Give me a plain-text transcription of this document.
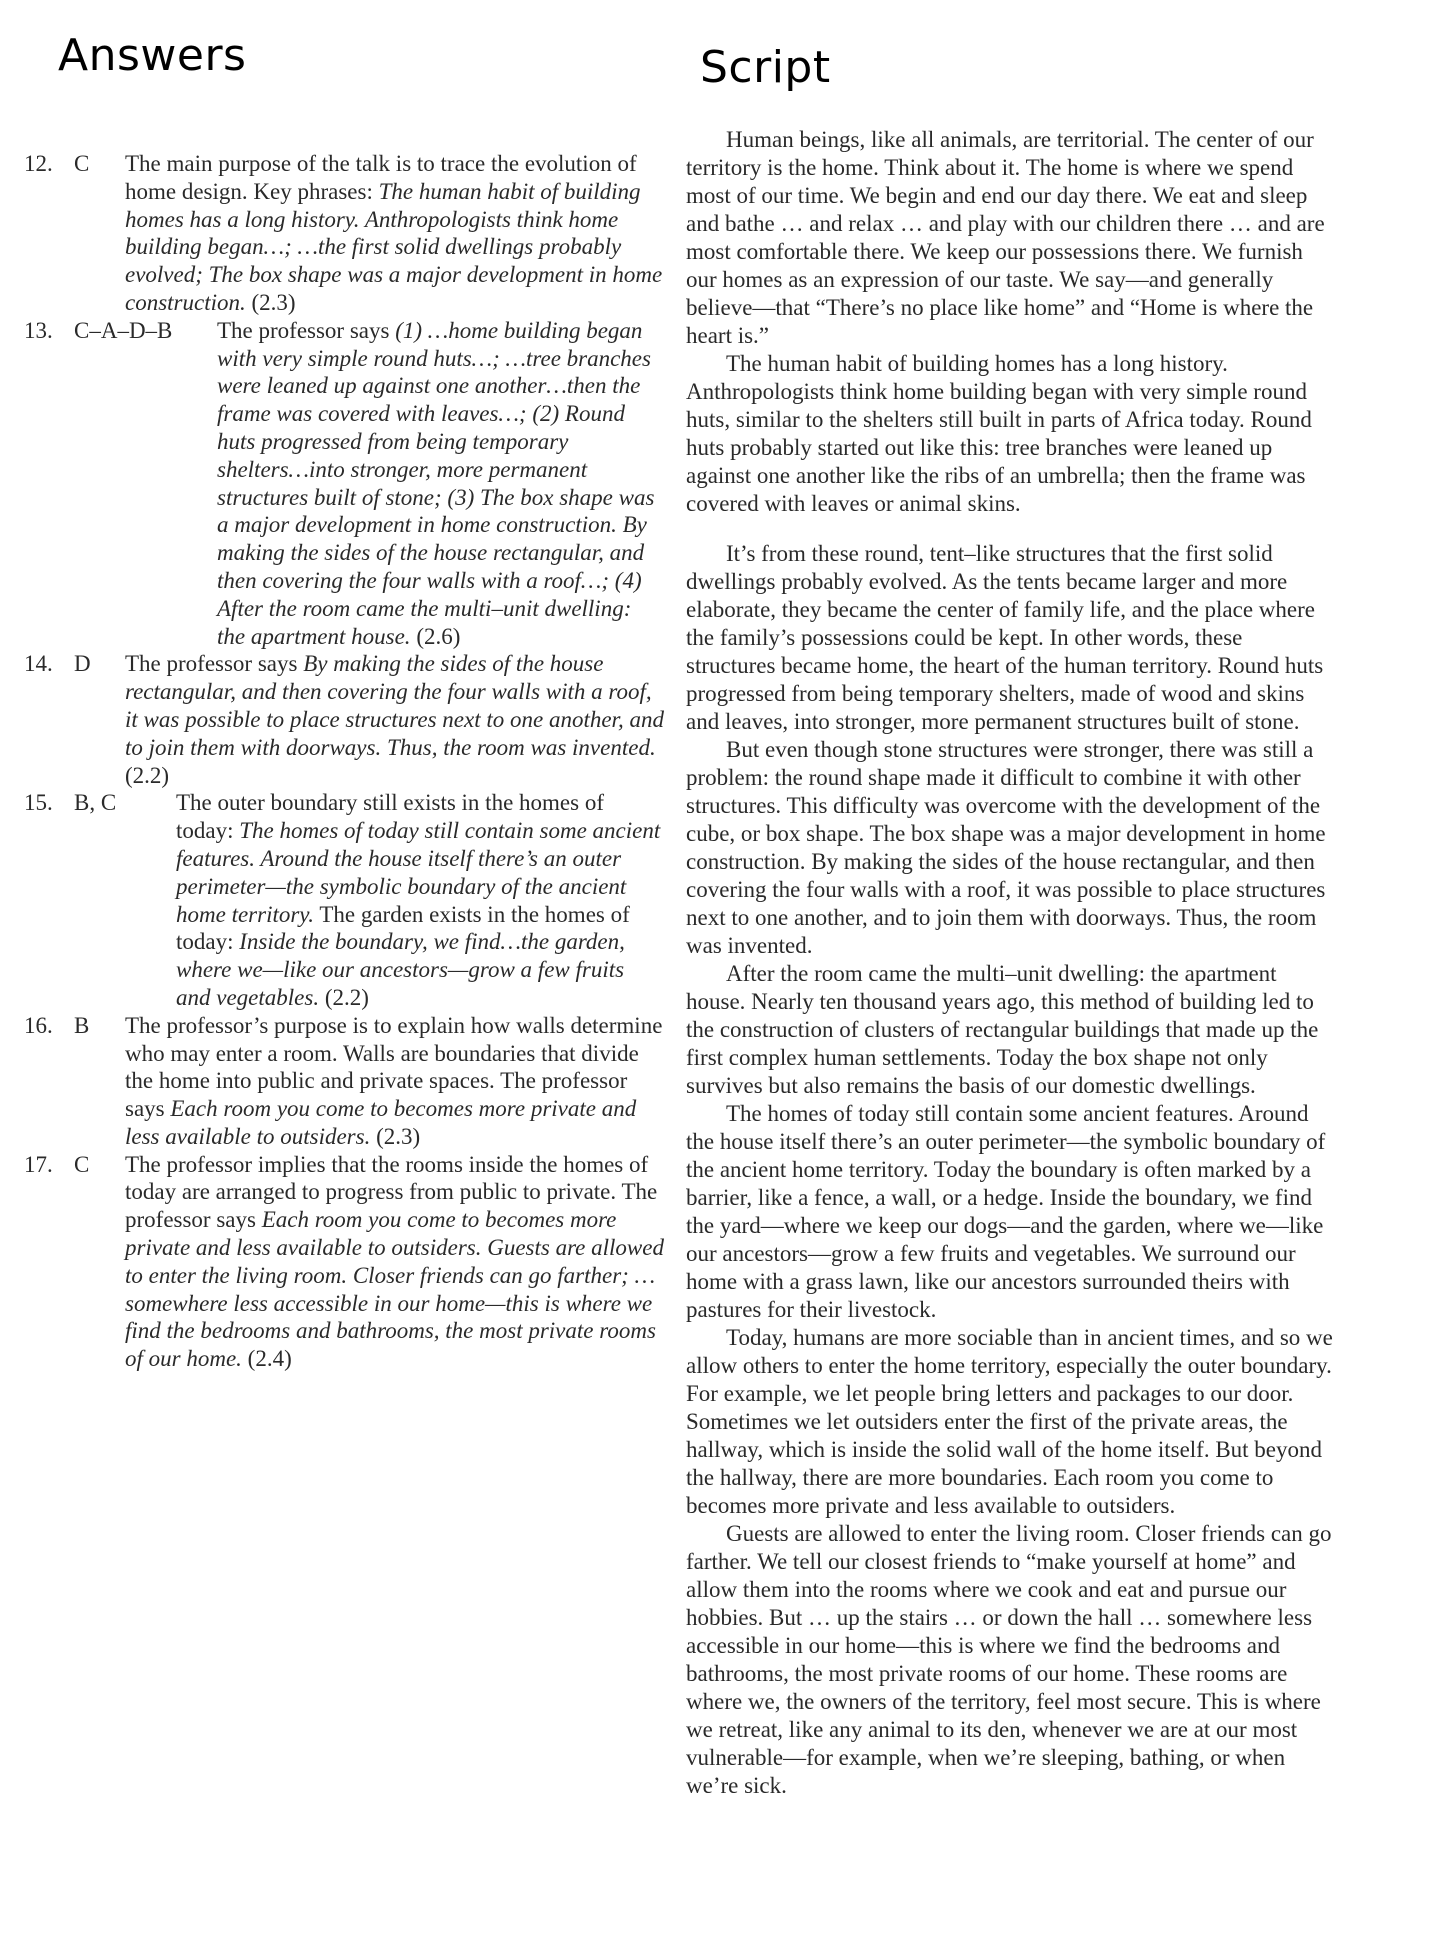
Answers	Script
12. C The main purpose of the talk is to trace the evolution of home design. Key phrases: The human habit of building homes has a long history. Anthropologists think home building began…; …the first solid dwellings probably evolved; The box shape was a major development in home construction. (2.3)
13. C–A–D–B The professor says (1) …home building began with very simple round huts…; …tree branches were leaned up against one another…then the frame was covered with leaves…; (2) Round huts progressed from being temporary shelters…into stronger, more permanent structures built of stone; (3) The box shape was a major development in home construction. By making the sides of the house rectangular, and then covering the four walls with a roof…; (4) After the room came the multi–unit dwelling: the apartment house. (2.6)
14. D The professor says By making the sides of the house rectangular, and then covering the four walls with a roof, it was possible to place structures next to one another, and to join them with doorways. Thus, the room was invented. (2.2)
15. B, C	The outer boundary still exists in the homes of today: The homes of today still contain some ancient features. Around the house itself there’s an outer perimeter—the symbolic boundary of the ancient home territory. The garden exists in the homes of today: Inside the boundary, we find…the garden, where we—like our ancestors—grow a few fruits and vegetables. (2.2)
16. B The professor’s purpose is to explain how walls determine who may enter a room. Walls are boundaries that divide the home into public and private spaces. The professor says Each room you come to becomes more private and less available to outsiders. (2.3)
17. C The professor implies that the rooms inside the homes of today are arranged to progress from public to private. The professor says Each room you come to becomes more private and less available to outsiders. Guests are allowed to enter the living room. Closer friends can go farther; …somewhere less accessible in our home—this is where we find the bedrooms and bathrooms, the most private rooms of our home. (2.4)

Human beings, like all animals, are territorial. The center of our territory is the home. Think about it. The home is where we spend most of our time. We begin and end our day there. We eat and sleep and bathe … and relax … and play with our children there … and are most comfortable there. We keep our possessions there. We furnish our homes as an expression of our taste. We say—and generally believe—that “There’s no place like home” and “Home is where the heart is.”

The human habit of building homes has a long history. Anthropologists think home building began with very simple round huts, similar to the shelters still built in parts of Africa today. Round huts probably started out like this: tree branches were leaned up against one another like the ribs of an umbrella; then the frame was covered with leaves or animal skins.

It’s from these round, tent–like structures that the first solid dwellings probably evolved. As the tents became larger and more elaborate, they became the center of family life, and the place where the family’s possessions could be kept. In other words, these structures became home, the heart of the human territory. Round huts progressed from being temporary shelters, made of wood and skins and leaves, into stronger, more permanent structures built of stone.

But even though stone structures were stronger, there was still a problem: the round shape made it difficult to combine it with other structures. This difficulty was overcome with the development of the cube, or box shape. The box shape was a major development in home construction. By making the sides of the house rectangular, and then covering the four walls with a roof, it was possible to place structures next to one another, and to join them with doorways. Thus, the room was invented.

After the room came the multi–unit dwelling: the apartment house. Nearly ten thousand years ago, this method of building led to the construction of clusters of rectangular buildings that made up the first complex human settlements. Today the box shape not only survives but also remains the basis of our domestic dwellings.

The homes of today still contain some ancient features. Around the house itself there’s an outer perimeter—the symbolic boundary of the ancient home territory. Today the boundary is often marked by a barrier, like a fence, a wall, or a hedge. Inside the boundary, we find the yard—where we keep our dogs—and the garden, where we—like our ancestors—grow a few fruits and vegetables. We surround our home with a grass lawn, like our ancestors surrounded theirs with pastures for their livestock.

Today, humans are more sociable than in ancient times, and so we allow others to enter the home territory, especially the outer boundary. For example, we let people bring letters and packages to our door. Sometimes we let outsiders enter the first of the private areas, the hallway, which is inside the solid wall of the home itself. But beyond the hallway, there are more boundaries. Each room you come to becomes more private and less available to outsiders.

Guests are allowed to enter the living room. Closer friends can go farther. We tell our closest friends to “make yourself at home” and allow them into the rooms where we cook and eat and pursue our hobbies. But … up the stairs … or down the hall … somewhere less accessible in our home—this is where we find the bedrooms and bathrooms, the most private rooms of our home. These rooms are where we, the owners of the territory, feel most secure. This is where we retreat, like any animal to its den, whenever we are at our most vulnerable—for example, when we’re sleeping, bathing, or when we’re sick.
